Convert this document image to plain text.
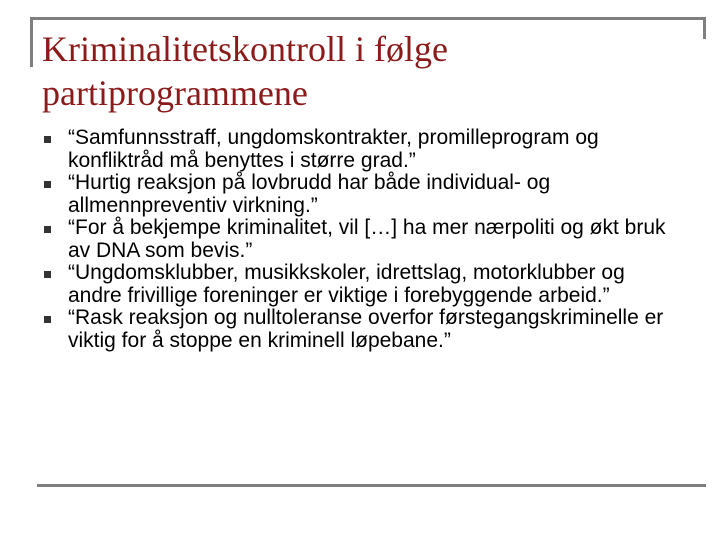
Kriminalitetskontroll i følge partiprogrammene
“Samfunnsstraff, ungdomskontrakter, promilleprogram og konfliktråd må benyttes i større grad.”
“Hurtig reaksjon på lovbrudd har både individual- og allmennpreventiv virkning.”
“For å bekjempe kriminalitet, vil […] ha mer nærpoliti og økt bruk av DNA som bevis.”
“Ungdomsklubber, musikkskoler, idrettslag, motorklubber og andre frivillige foreninger er viktige i forebyggende arbeid.”
“Rask reaksjon og nulltoleranse overfor førstegangskriminelle er viktig for å stoppe en kriminell løpebane.”
